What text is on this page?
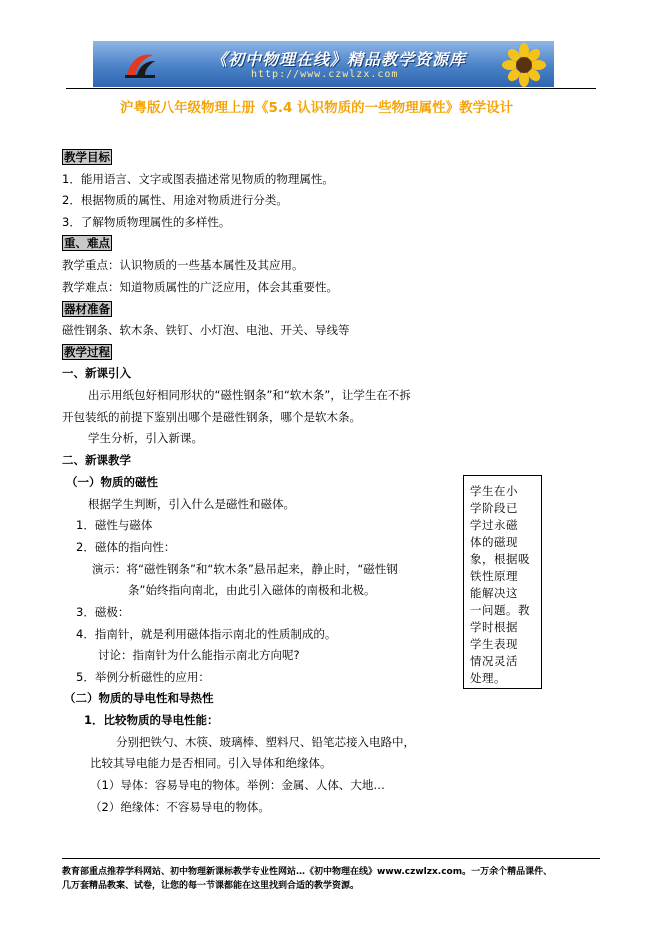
《初中物理在线》精品教学资源库
http://www.czwlzx.com
沪粤版八年级物理上册《5.4 认识物质的一些物理属性》教学设计
教学目标
1．能用语言、文字或图表描述常见物质的物理属性。
2．根据物质的属性、用途对物质进行分类。
3．了解物质物理属性的多样性。
重、难点
教学重点：认识物质的一些基本属性及其应用。
教学难点：知道物质属性的广泛应用，体会其重要性。
器材准备
磁性钢条、软木条、铁钉、小灯泡、电池、开关、导线等
教学过程
一、新课引入
出示用纸包好相同形状的“磁性钢条”和“软木条”，让学生在不拆
开包装纸的前提下鉴别出哪个是磁性钢条，哪个是软木条。
学生分析，引入新课。
二、新课教学
（一）物质的磁性
根据学生判断，引入什么是磁性和磁体。
1．磁性与磁体
2．磁体的指向性：
演示：将“磁性钢条”和“软木条”悬吊起来，静止时，“磁性钢
条”始终指向南北，由此引入磁体的南极和北极。
3．磁极：
4．指南针，就是利用磁体指示南北的性质制成的。
讨论：指南针为什么能指示南北方向呢?
5．举例分析磁性的应用：
（二）物质的导电性和导热性
1．比较物质的导电性能：
分别把铁勺、木筷、玻璃棒、塑料尺、铅笔芯接入电路中，
比较其导电能力是否相同。引入导体和绝缘体。
（1）导体：容易导电的物体。举例：金属、人体、大地…
（2）绝缘体：不容易导电的物体。
学生在小
学阶段已
学过永磁
体的磁现
象，根据吸
铁性原理
能解决这
一问题。教
学时根据
学生表现
情况灵活
处理。
教育部重点推荐学科网站、初中物理新课标教学专业性网站…《初中物理在线》www.czwlzx.com。一万余个精品课件、
几万套精品教案、试卷，让您的每一节课都能在这里找到合适的教学资源。
